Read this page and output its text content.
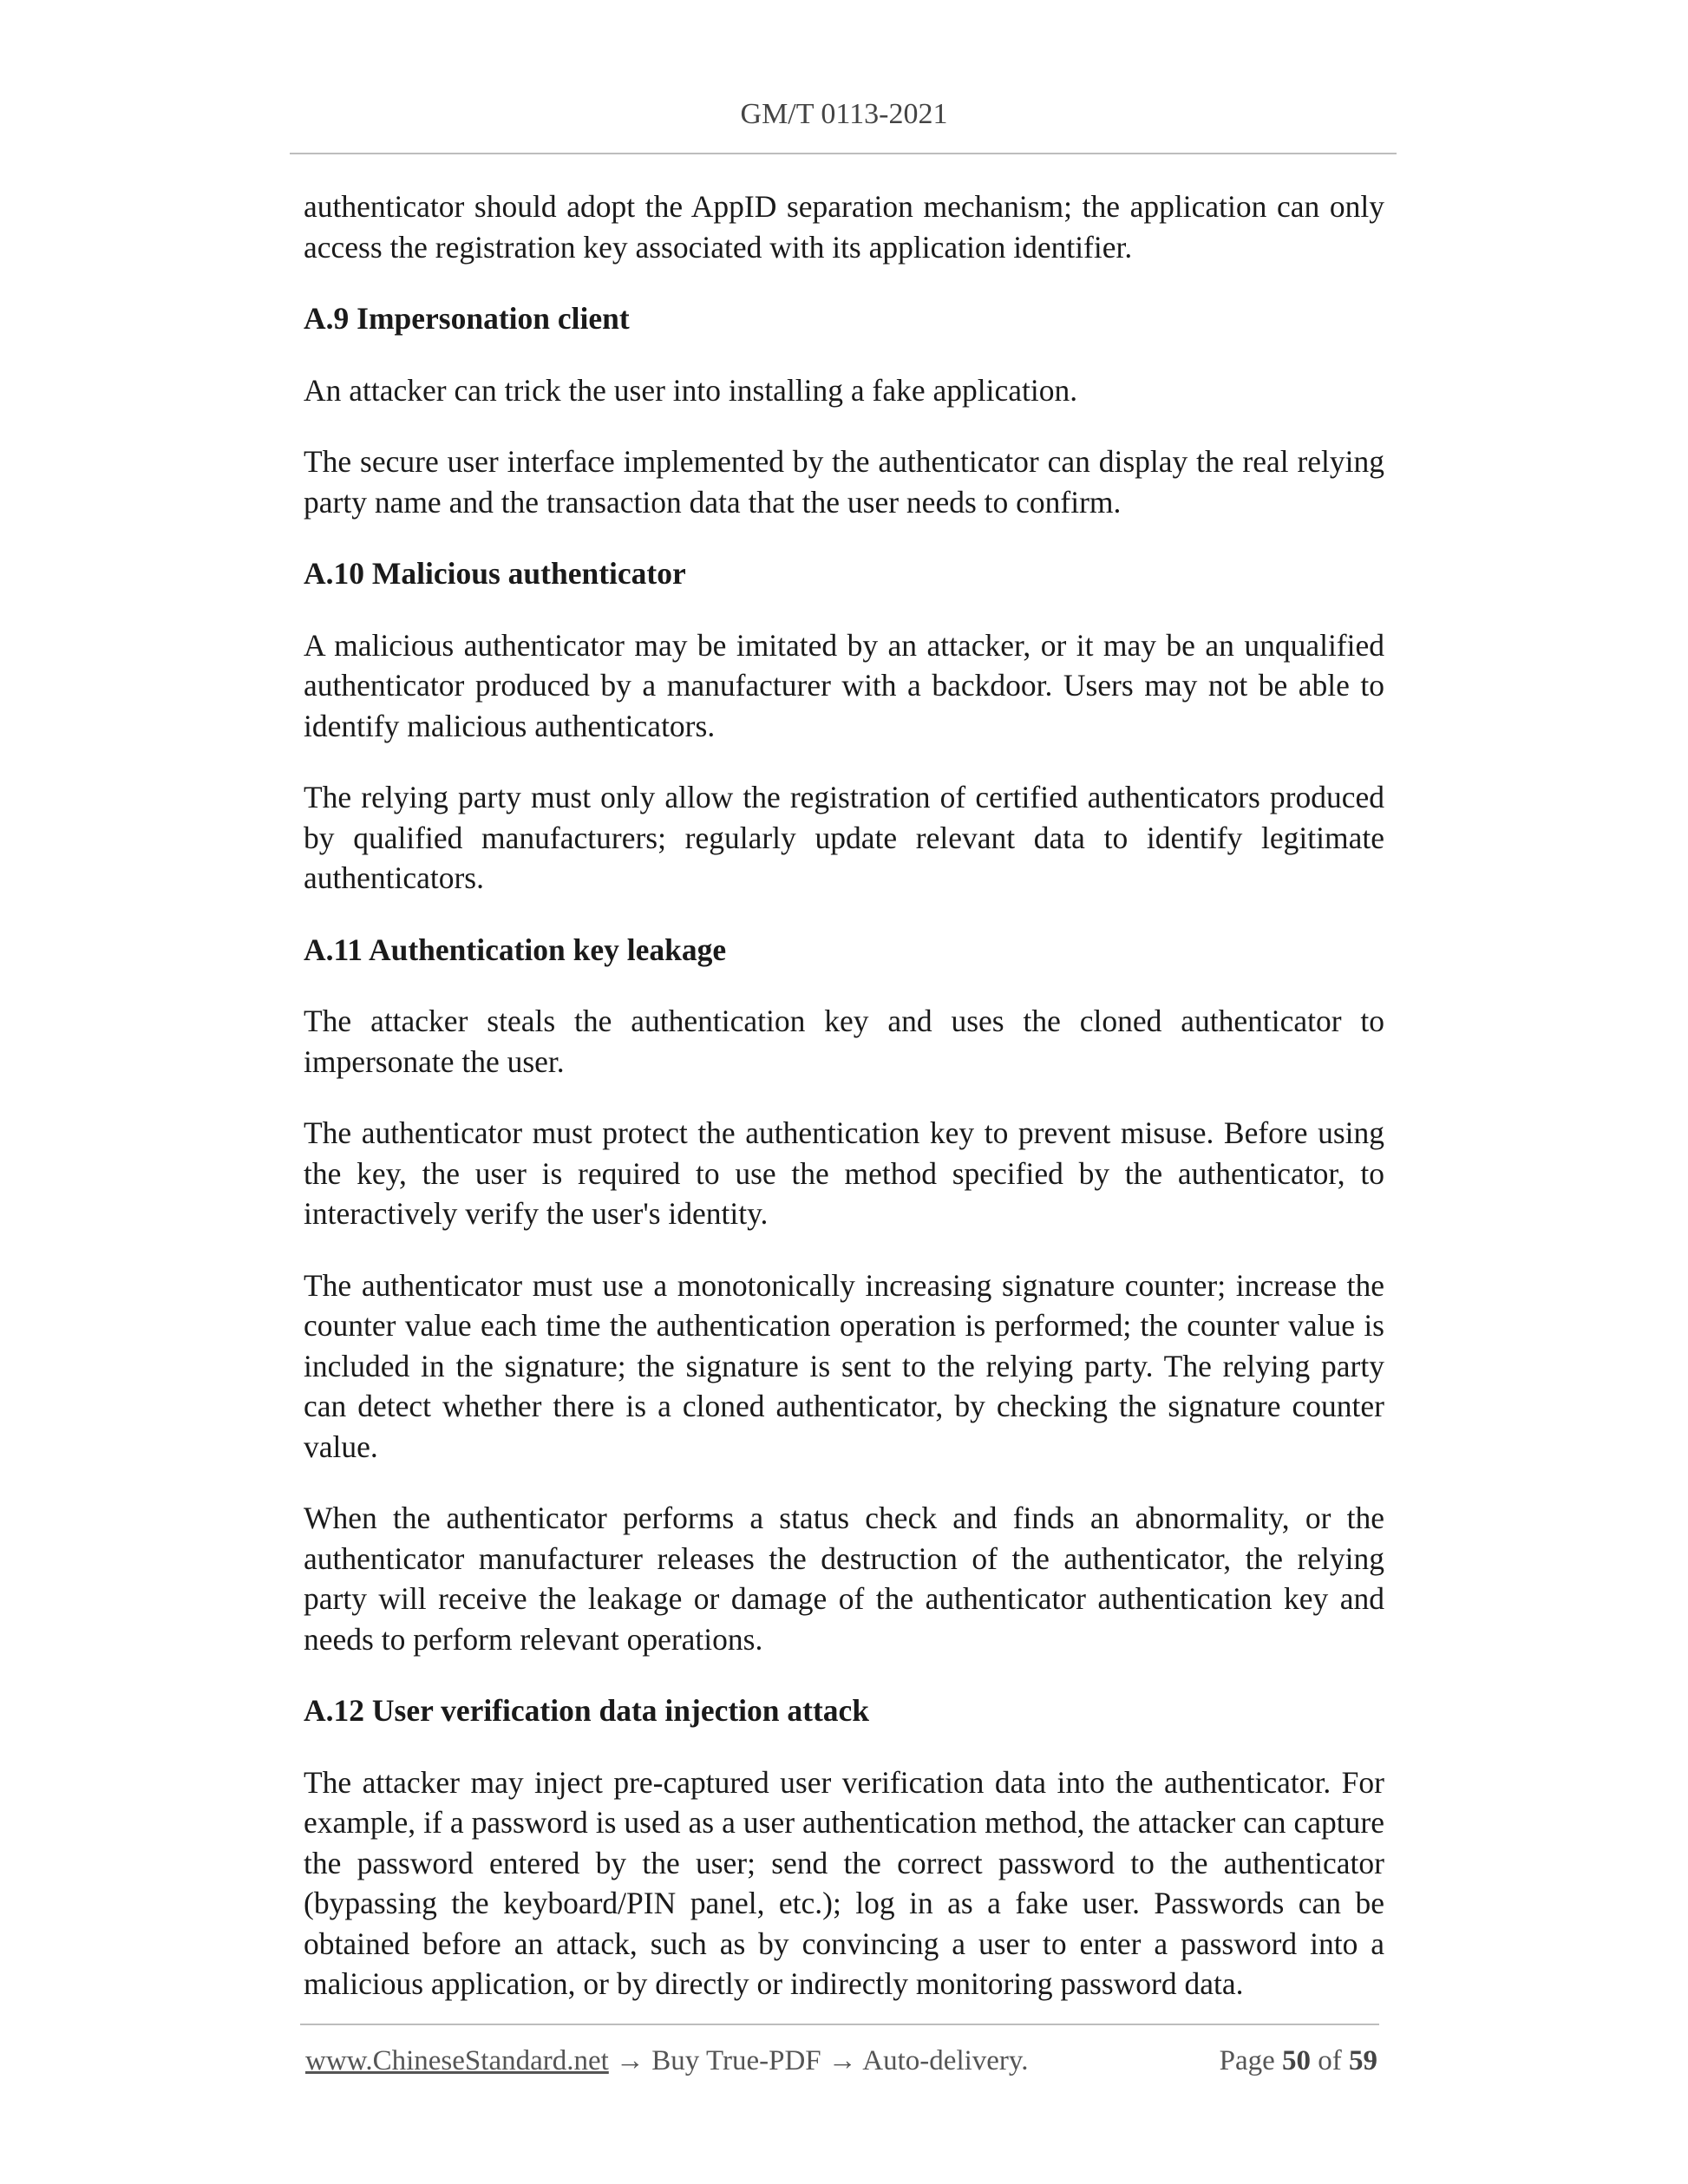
GM/T 0113-2021

authenticator should adopt the AppID separation mechanism; the application can only access the registration key associated with its application identifier.

A.9 Impersonation client

An attacker can trick the user into installing a fake application.

The secure user interface implemented by the authenticator can display the real relying party name and the transaction data that the user needs to confirm.

A.10 Malicious authenticator

A malicious authenticator may be imitated by an attacker, or it may be an unqualified authenticator produced by a manufacturer with a backdoor. Users may not be able to identify malicious authenticators.

The relying party must only allow the registration of certified authenticators produced by qualified manufacturers; regularly update relevant data to identify legitimate authenticators.

A.11 Authentication key leakage

The attacker steals the authentication key and uses the cloned authenticator to impersonate the user.

The authenticator must protect the authentication key to prevent misuse. Before using the key, the user is required to use the method specified by the authenticator, to interactively verify the user's identity.

The authenticator must use a monotonically increasing signature counter; increase the counter value each time the authentication operation is performed; the counter value is included in the signature; the signature is sent to the relying party. The relying party can detect whether there is a cloned authenticator, by checking the signature counter value.

When the authenticator performs a status check and finds an abnormality, or the authenticator manufacturer releases the destruction of the authenticator, the relying party will receive the leakage or damage of the authenticator authentication key and needs to perform relevant operations.

A.12 User verification data injection attack

The attacker may inject pre-captured user verification data into the authenticator. For example, if a password is used as a user authentication method, the attacker can capture the password entered by the user; send the correct password to the authenticator (bypassing the keyboard/PIN panel, etc.); log in as a fake user. Passwords can be obtained before an attack, such as by convincing a user to enter a password into a malicious application, or by directly or indirectly monitoring password data.

www.ChineseStandard.net → Buy True-PDF → Auto-delivery.	Page 50 of 59
